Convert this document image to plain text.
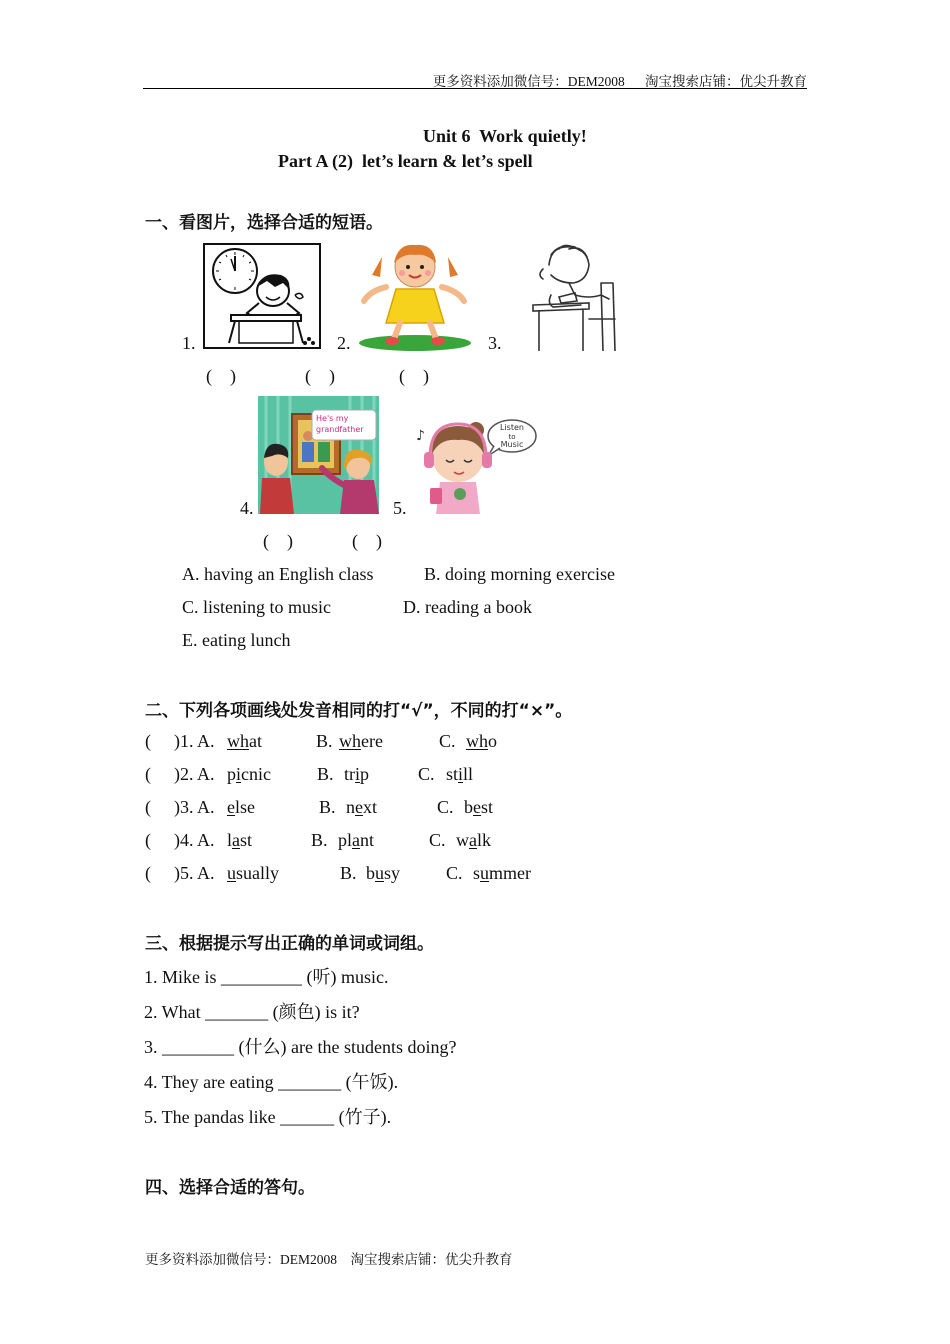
更多资料添加微信号：DEM2008      淘宝搜索店铺：优尖升教育
Unit 6  Work quietly!
Part A (2)  let’s learn & let’s spell
一、看图片，选择合适的短语。
1.	2.	3.
(    )	(    )	(    )
He's my
grandfather	♪
Listen
to
Music
4.	5.
(    )	(    )
A. having an English class	B. doing morning exercise
C. listening to music	D. reading a book
E. eating lunch
二、下列各项画线处发音相同的打“√”，不同的打“×”。
( )1. A. what	B. where	C. who
( )2. A. picnic	B. trip	C. still
( )3. A. else	B. next	C. best
( )4. A. last	B. plant	C. walk
( )5. A. usually	B. busy	C. summer
三、根据提示写出正确的单词或词组。
1. Mike is _________ (听) music.
2. What _______ (颜色) is it?
3. ________ (什么) are the students doing?
4. They are eating _______ (午饭).
5. The pandas like ______ (竹子).
四、选择合适的答句。
更多资料添加微信号：DEM2008    淘宝搜索店铺：优尖升教育
